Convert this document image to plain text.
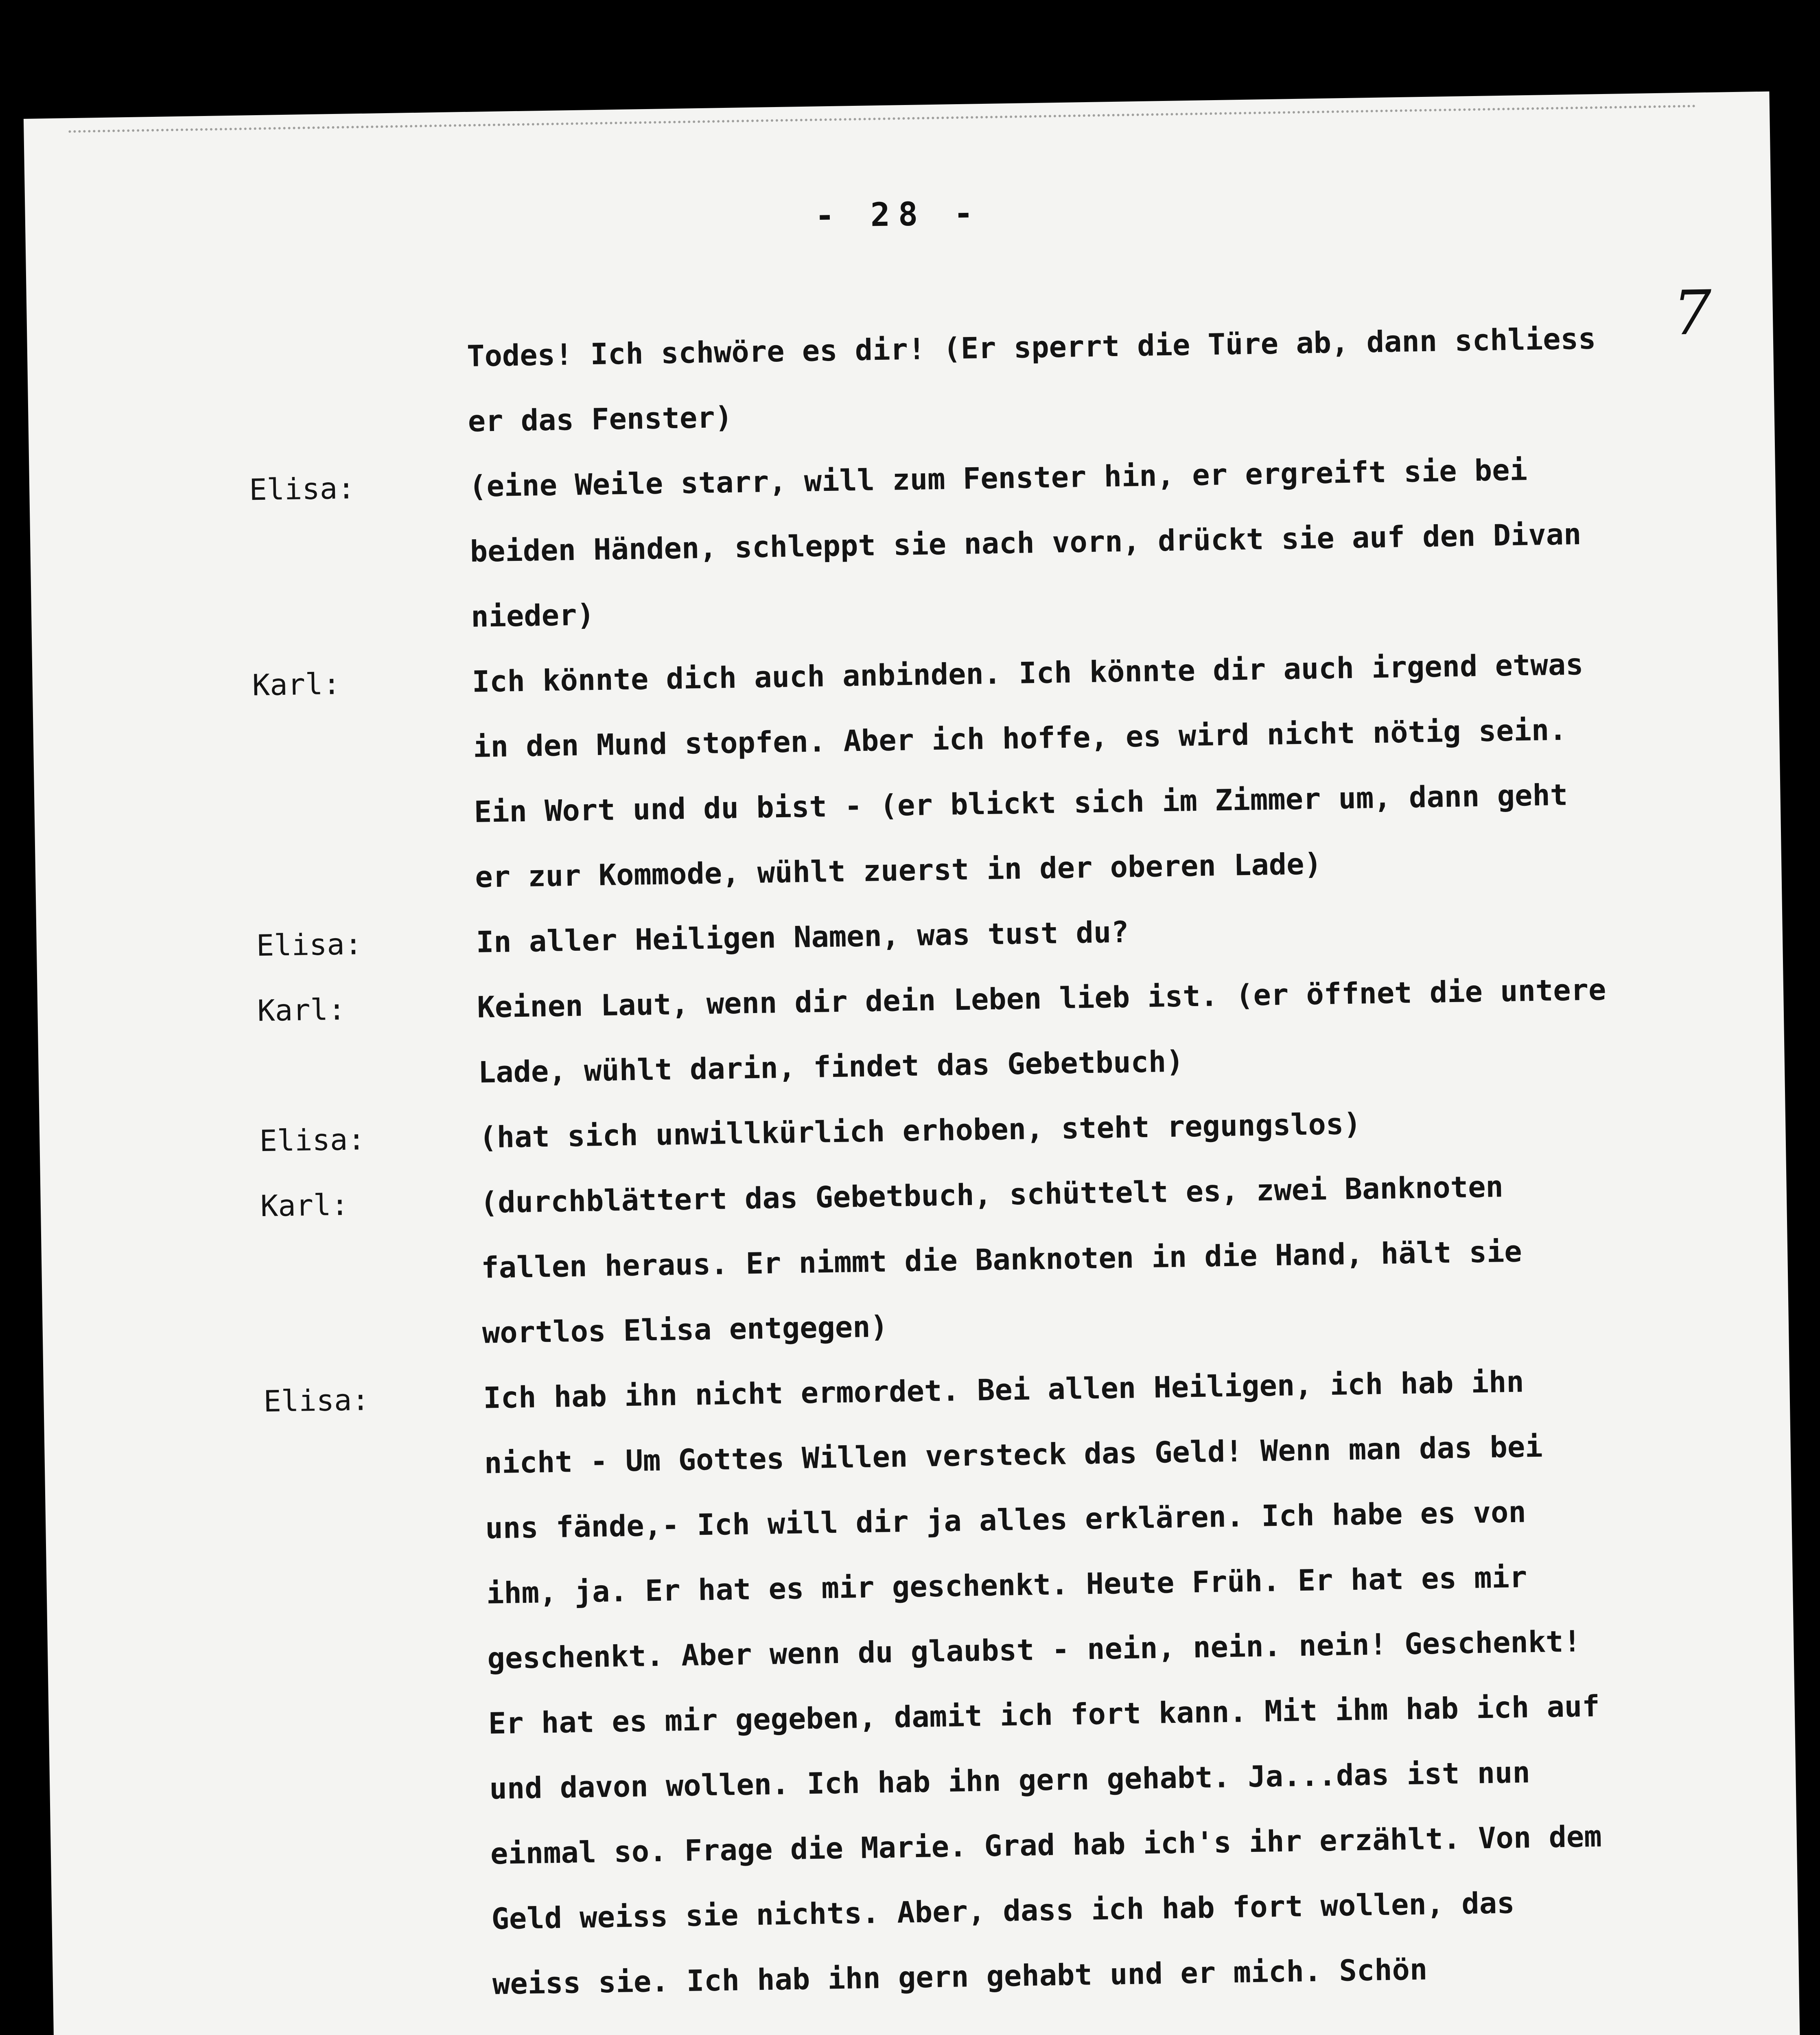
- 28 -
7
Todes! Ich schwöre es dir! (Er sperrt die Türe ab, dann schliess
er das Fenster)
Elisa:	(eine Weile starr, will zum Fenster hin, er ergreift sie bei
beiden Händen, schleppt sie nach vorn, drückt sie auf den Divan
nieder)
Karl:	Ich könnte dich auch anbinden. Ich könnte dir auch irgend etwas
in den Mund stopfen. Aber ich hoffe, es wird nicht nötig sein.
Ein Wort und du bist - (er blickt sich im Zimmer um, dann geht
er zur Kommode, wühlt zuerst in der oberen Lade)
Elisa:	In aller Heiligen Namen, was tust du?
Karl:	Keinen Laut, wenn dir dein Leben lieb ist. (er öffnet die untere
Lade, wühlt darin, findet das Gebetbuch)
Elisa:	(hat sich unwillkürlich erhoben, steht regungslos)
Karl:	(durchblättert das Gebetbuch, schüttelt es, zwei Banknoten
fallen heraus. Er nimmt die Banknoten in die Hand, hält sie
wortlos Elisa entgegen)
Elisa:	Ich hab ihn nicht ermordet. Bei allen Heiligen, ich hab ihn
nicht - Um Gottes Willen versteck das Geld! Wenn man das bei
uns fände,- Ich will dir ja alles erklären. Ich habe es von
ihm, ja. Er hat es mir geschenkt. Heute Früh. Er hat es mir
geschenkt. Aber wenn du glaubst - nein, nein. nein! Geschenkt!
Er hat es mir gegeben, damit ich fort kann. Mit ihm hab ich auf
und davon wollen. Ich hab ihn gern gehabt. Ja...das ist nun
einmal so. Frage die Marie. Grad hab ich's ihr erzählt. Von dem
Geld weiss sie nichts. Aber, dass ich hab fort wollen, das
weiss sie. Ich hab ihn gern gehabt und er mich. Schön
